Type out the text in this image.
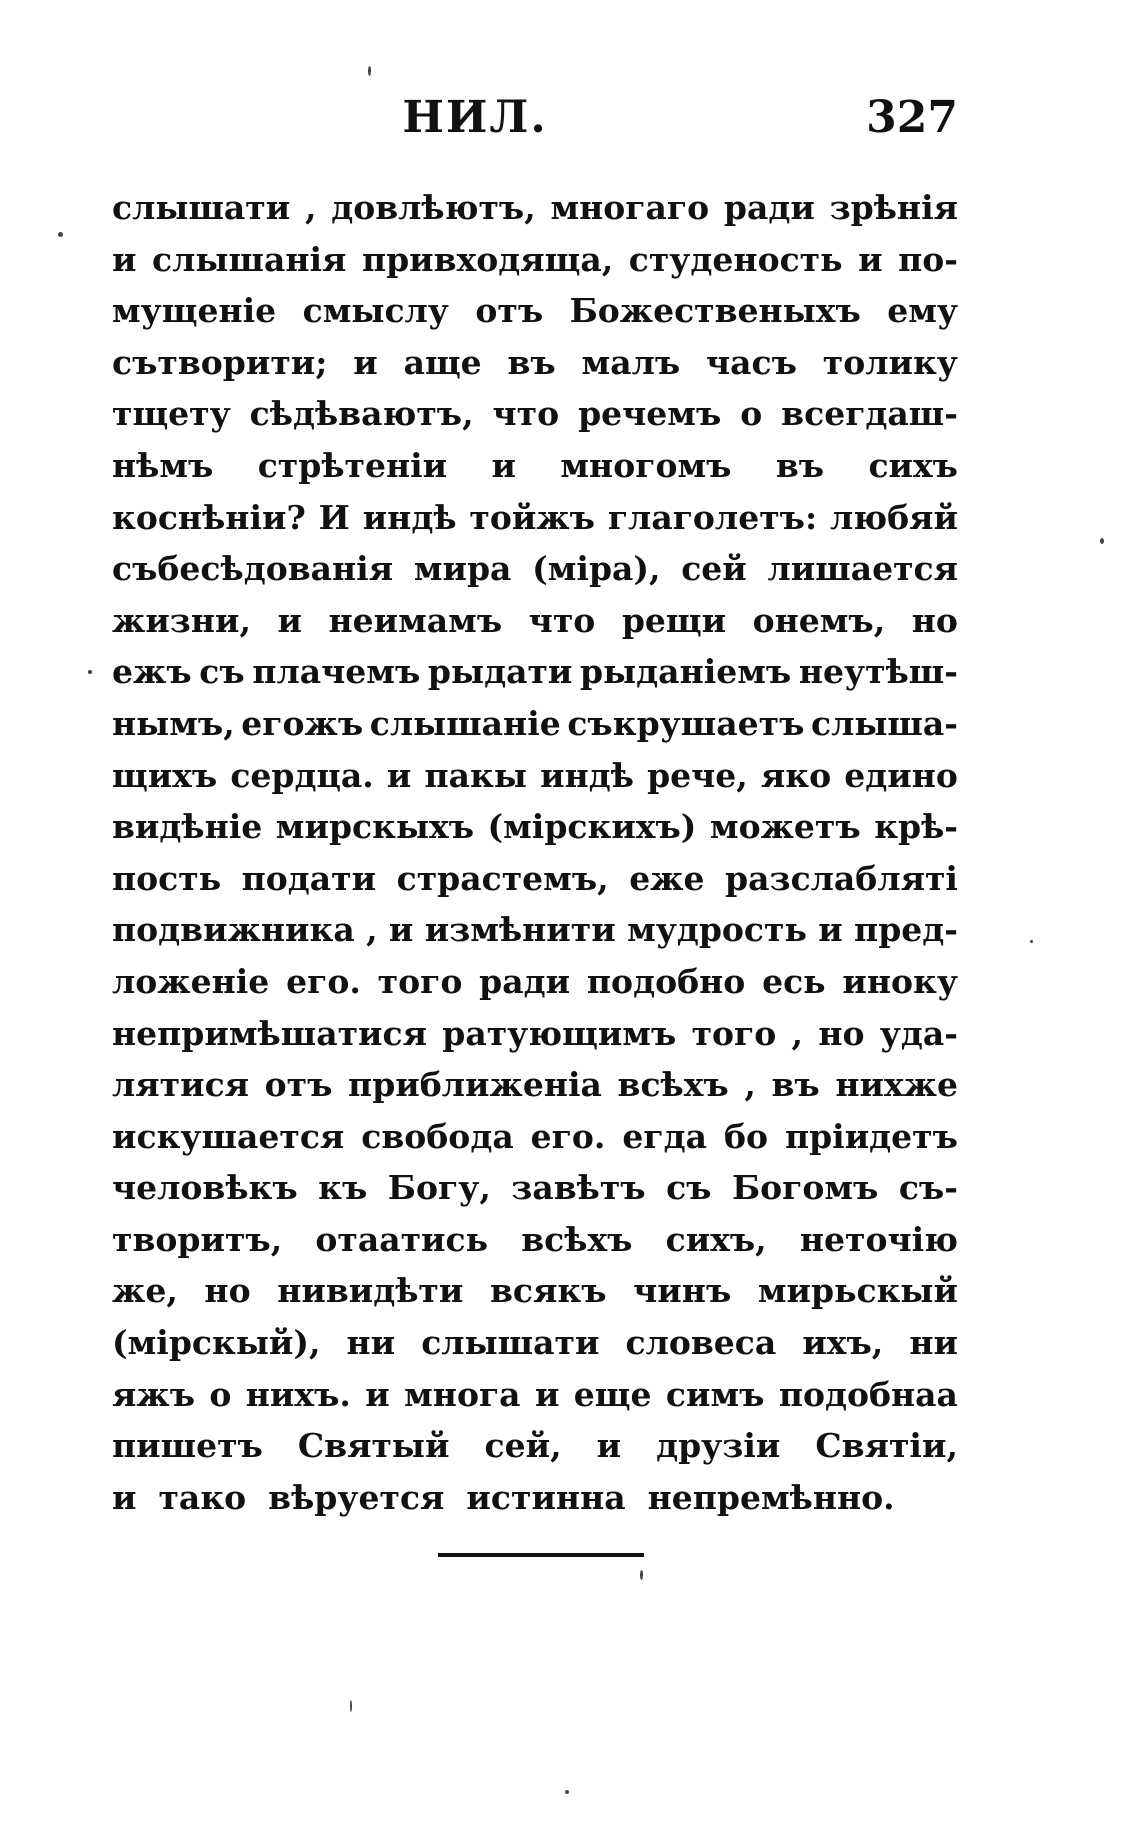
НИЛ.	327
слышати , довлѣютъ, многаго ради зрѣнія
и слышанія привходяща, студеность и по-
мущеніе смыслу отъ Божественыхъ ему
сътворити; и аще въ малъ часъ толику
тщету сѣдѣваютъ, что речемъ о всегдаш-
нѣмъ стрѣтеніи и многомъ въ сихъ
коснѣніи? И индѣ тойжъ глаголетъ: любяй
събесѣдованія мира (міра), сей лишается
жизни, и неимамъ что рещи онемъ, но
ежъ съ плачемъ рыдати рыданіемъ неутѣш-
нымъ, егожъ слышаніе съкрушаетъ слыша-
щихъ сердца. и пакы индѣ рече, яко едино
видѣніе мирскыхъ (мірскихъ) можетъ крѣ-
пость подати страстемъ, еже разслаблятi
подвижника , и измѣнити мудрость и пред-
ложеніе его. того ради подобно есь иноку
непримѣшатися ратующимъ того , но уда-
лятися отъ приближеніа всѣхъ , въ нихже
искушается свобода его. егда бо пріидетъ
человѣкъ къ Богу, завѣтъ съ Богомъ съ-
творитъ, отаатись всѣхъ сихъ, неточію
же, но нивидѣти всякъ чинъ мирьскый
(мірскый), ни слышати словеса ихъ, ни
яжъ о нихъ. и многа и еще симъ подобнаа
пишетъ Святый сей, и друзіи Святіи,
и тако вѣруется истинна непремѣнно.
